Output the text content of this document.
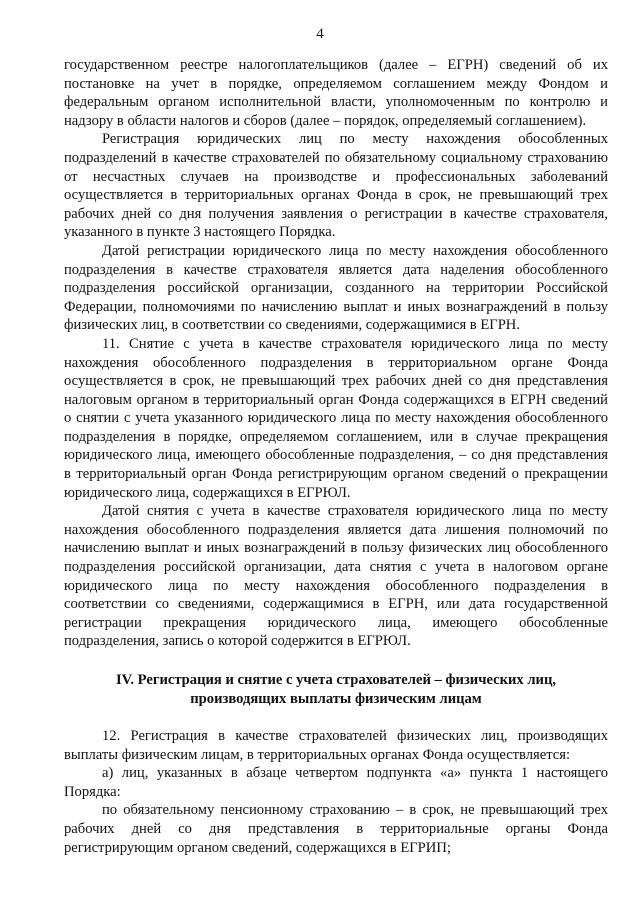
4

государственном реестре налогоплательщиков (далее – ЕГРН) сведений об их постановке на учет в порядке, определяемом соглашением между Фондом и федеральным органом исполнительной власти, уполномоченным по контролю и надзору в области налогов и сборов (далее – порядок, определяемый соглашением).

Регистрация юридических лиц по месту нахождения обособленных подразделений в качестве страхователей по обязательному социальному страхованию от несчастных случаев на производстве и профессиональных заболеваний осуществляется в территориальных органах Фонда в срок, не превышающий трех рабочих дней со дня получения заявления о регистрации в качестве страхователя, указанного в пункте 3 настоящего Порядка.

Датой регистрации юридического лица по месту нахождения обособленного подразделения в качестве страхователя является дата наделения обособленного подразделения российской организации, созданного на территории Российской Федерации, полномочиями по начислению выплат и иных вознаграждений в пользу физических лиц, в соответствии со сведениями, содержащимися в ЕГРН.

11. Снятие с учета в качестве страхователя юридического лица по месту нахождения обособленного подразделения в территориальном органе Фонда осуществляется в срок, не превышающий трех рабочих дней со дня представления налоговым органом в территориальный орган Фонда содержащихся в ЕГРН сведений о снятии с учета указанного юридического лица по месту нахождения обособленного подразделения в порядке, определяемом соглашением, или в случае прекращения юридического лица, имеющего обособленные подразделения, – со дня представления в территориальный орган Фонда регистрирующим органом сведений о прекращении юридического лица, содержащихся в ЕГРЮЛ.

Датой снятия с учета в качестве страхователя юридического лица по месту нахождения обособленного подразделения является дата лишения полномочий по начислению выплат и иных вознаграждений в пользу физических лиц обособленного подразделения российской организации, дата снятия с учета в налоговом органе юридического лица по месту нахождения обособленного подразделения в соответствии со сведениями, содержащимися в ЕГРН, или дата государственной регистрации прекращения юридического лица, имеющего обособленные подразделения, запись о которой содержится в ЕГРЮЛ.

IV. Регистрация и снятие с учета страхователей – физических лиц, производящих выплаты физическим лицам

12. Регистрация в качестве страхователей физических лиц, производящих выплаты физическим лицам, в территориальных органах Фонда осуществляется:

а) лиц, указанных в абзаце четвертом подпункта «а» пункта 1 настоящего Порядка:

по обязательному пенсионному страхованию – в срок, не превышающий трех рабочих дней со дня представления в территориальные органы Фонда регистрирующим органом сведений, содержащихся в ЕГРИП;
